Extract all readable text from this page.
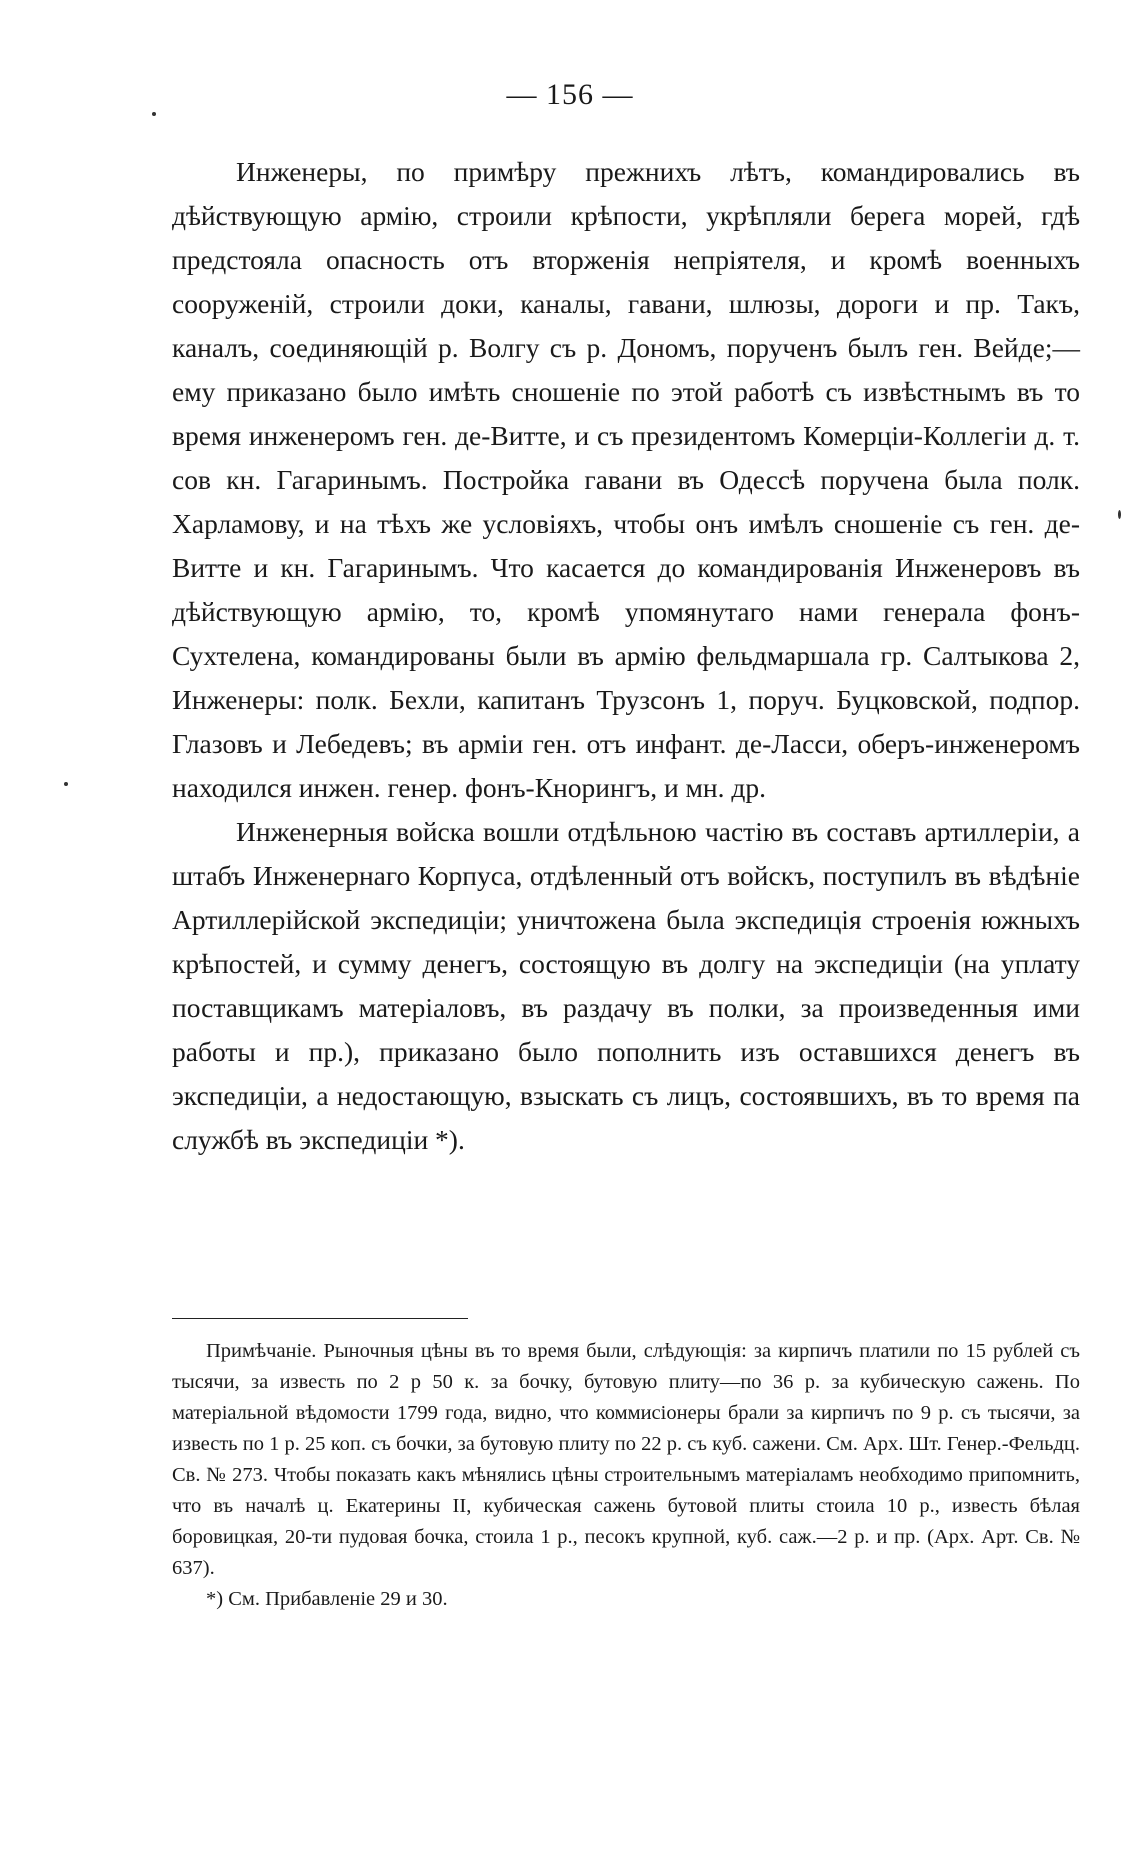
— 156 —

Инженеры, по примѣру прежнихъ лѣтъ, командировались въ дѣйствующую армію, строили крѣпости, укрѣпляли берега морей, гдѣ предстояла опасность отъ вторженія непріятеля, и кромѣ военныхъ сооруженій, строили доки, каналы, гавани, шлюзы, дороги и пр. Такъ, каналъ, соединяющій р. Волгу съ р. Дономъ, порученъ былъ ген. Вейде;—ему приказано было имѣть сношеніе по этой работѣ съ извѣстнымъ въ то время инженеромъ ген. де-Витте, и съ президентомъ Комерціи-Коллегіи д. т. сов кн. Гагаринымъ. Постройка гавани въ Одессѣ поручена была полк. Харламову, и на тѣхъ же условіяхъ, чтобы онъ имѣлъ сношеніе съ ген. де-Витте и кн. Гагаринымъ. Что касается до командированія Инженеровъ въ дѣйствующую армію, то, кромѣ упомянутаго нами генерала фонъ-Сухтелена, командированы были въ армію фельдмаршала гр. Салтыкова 2, Инженеры: полк. Бехли, капитанъ Трузсонъ 1, поруч. Буцковской, подпор. Глазовъ и Лебедевъ; въ арміи ген. отъ инфант. де-Ласси, оберъ-инженеромъ находился инжен. генер. фонъ-Кнорингъ, и мн. др.

Инженерныя войска вошли отдѣльною частію въ составъ артиллеріи, а штабъ Инженернаго Корпуса, отдѣленный отъ войскъ, поступилъ въ вѣдѣніе Артиллерійской экспедиціи; уничтожена была экспедиція строенія южныхъ крѣпостей, и сумму денегъ, состоящую въ долгу на экспедиціи (на уплату поставщикамъ матеріаловъ, въ раздачу въ полки, за произведенныя ими работы и пр.), приказано было пополнить изъ оставшихся денегъ въ экспедиціи, а недостающую, взыскать съ лицъ, состоявшихъ, въ то время па службѣ въ экспедиціи *).

Примѣчаніе. Рыночныя цѣны въ то время были, слѣдующія: за кирпичъ платили по 15 рублей съ тысячи, за известь по 2 р 50 к. за бочку, бутовую плиту—по 36 р. за кубическую сажень. По матеріальной вѣдомости 1799 года, видно, что коммисіонеры брали за кирпичъ по 9 р. съ тысячи, за известь по 1 р. 25 коп. съ бочки, за бутовую плиту по 22 р. съ куб. сажени. См. Арх. Шт. Генер.-Фельдц. Св. № 273. Чтобы показать какъ мѣнялись цѣны строительнымъ матеріаламъ необходимо припомнить, что въ началѣ ц. Екатерины II, кубическая сажень бутовой плиты стоила 10 р., известь бѣлая боровицкая, 20-ти пудовая бочка, стоила 1 р., песокъ крупной, куб. саж.—2 р. и пр. (Арх. Арт. Св. № 637).

*) См. Прибавленіе 29 и 30.
